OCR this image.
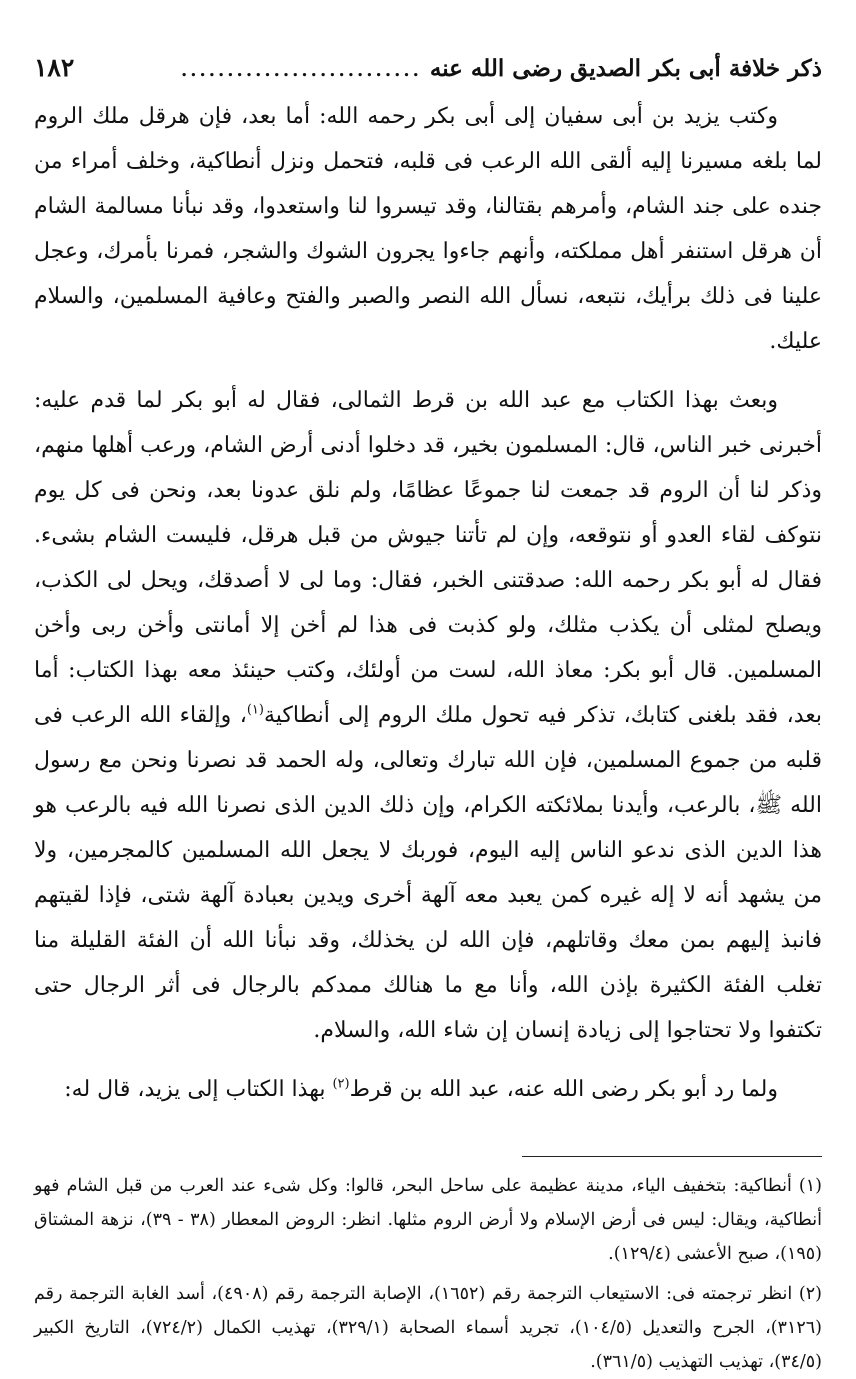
ذكر خلافة أبى بكر الصديق رضى الله عنه
..........................
١٨٢

وكتب يزيد بن أبى سفيان إلى أبى بكر رحمه الله: أما بعد، فإن هرقل ملك الروم لما بلغه مسيرنا إليه ألقى الله الرعب فى قلبه، فتحمل ونزل أنطاكية، وخلف أمراء من جنده على جند الشام، وأمرهم بقتالنا، وقد تيسروا لنا واستعدوا، وقد نبأنا مسالمة الشام أن هرقل استنفر أهل مملكته، وأنهم جاءوا يجرون الشوك والشجر، فمرنا بأمرك، وعجل علينا فى ذلك برأيك، نتبعه، نسأل الله النصر والصبر والفتح وعافية المسلمين، والسلام عليك.

وبعث بهذا الكتاب مع عبد الله بن قرط الثمالى، فقال له أبو بكر لما قدم عليه: أخبرنى خبر الناس، قال: المسلمون بخير، قد دخلوا أدنى أرض الشام، ورعب أهلها منهم، وذكر لنا أن الروم قد جمعت لنا جموعًا عظامًا، ولم نلق عدونا بعد، ونحن فى كل يوم نتوكف لقاء العدو أو نتوقعه، وإن لم تأتنا جيوش من قبل هرقل، فليست الشام بشىء. فقال له أبو بكر رحمه الله: صدقتنى الخبر، فقال: وما لى لا أصدقك، ويحل لى الكذب، ويصلح لمثلى أن يكذب مثلك، ولو كذبت فى هذا لم أخن إلا أمانتى وأخن ربى وأخن المسلمين. قال أبو بكر: معاذ الله، لست من أولئك، وكتب حينئذ معه بهذا الكتاب: أما بعد، فقد بلغنى كتابك، تذكر فيه تحول ملك الروم إلى أنطاكية$^{(١)}$، وإلقاء الله الرعب فى قلبه من جموع المسلمين، فإن الله تبارك وتعالى، وله الحمد قد نصرنا ونحن مع رسول الله ﷺ، بالرعب، وأيدنا بملائكته الكرام، وإن ذلك الدين الذى نصرنا الله فيه بالرعب هو هذا الدين الذى ندعو الناس إليه اليوم، فوربك لا يجعل الله المسلمين كالمجرمين، ولا من يشهد أنه لا إله غيره كمن يعبد معه آلهة أخرى ويدين بعبادة آلهة شتى، فإذا لقيتهم فانبذ إليهم بمن معك وقاتلهم، فإن الله لن يخذلك، وقد نبأنا الله أن الفئة القليلة منا تغلب الفئة الكثيرة بإذن الله، وأنا مع ما هنالك ممدكم بالرجال فى أثر الرجال حتى تكتفوا ولا تحتاجوا إلى زيادة إنسان إن شاء الله، والسلام.

ولما رد أبو بكر رضى الله عنه، عبد الله بن قرط$^{(٢)}$ بهذا الكتاب إلى يزيد، قال له:

(١) أنطاكية: بتخفيف الياء، مدينة عظيمة على ساحل البحر، قالوا: وكل شىء عند العرب من قبل الشام فهو أنطاكية، ويقال: ليس فى أرض الإسلام ولا أرض الروم مثلها. انظر: الروض المعطار (٣٨ - ٣٩)، نزهة المشتاق (١٩٥)، صبح الأعشى (١٢٩/٤).

(٢) انظر ترجمته فى: الاستيعاب الترجمة رقم (١٦٥٢)، الإصابة الترجمة رقم (٤٩٠٨)، أسد الغابة الترجمة رقم (٣١٢٦)، الجرح والتعديل (١٠٤/٥)، تجريد أسماء الصحابة (٣٢٩/١)، تهذيب الكمال (٧٢٤/٢)، التاريخ الكبير (٣٤/٥)، تهذيب التهذيب (٣٦١/٥).
